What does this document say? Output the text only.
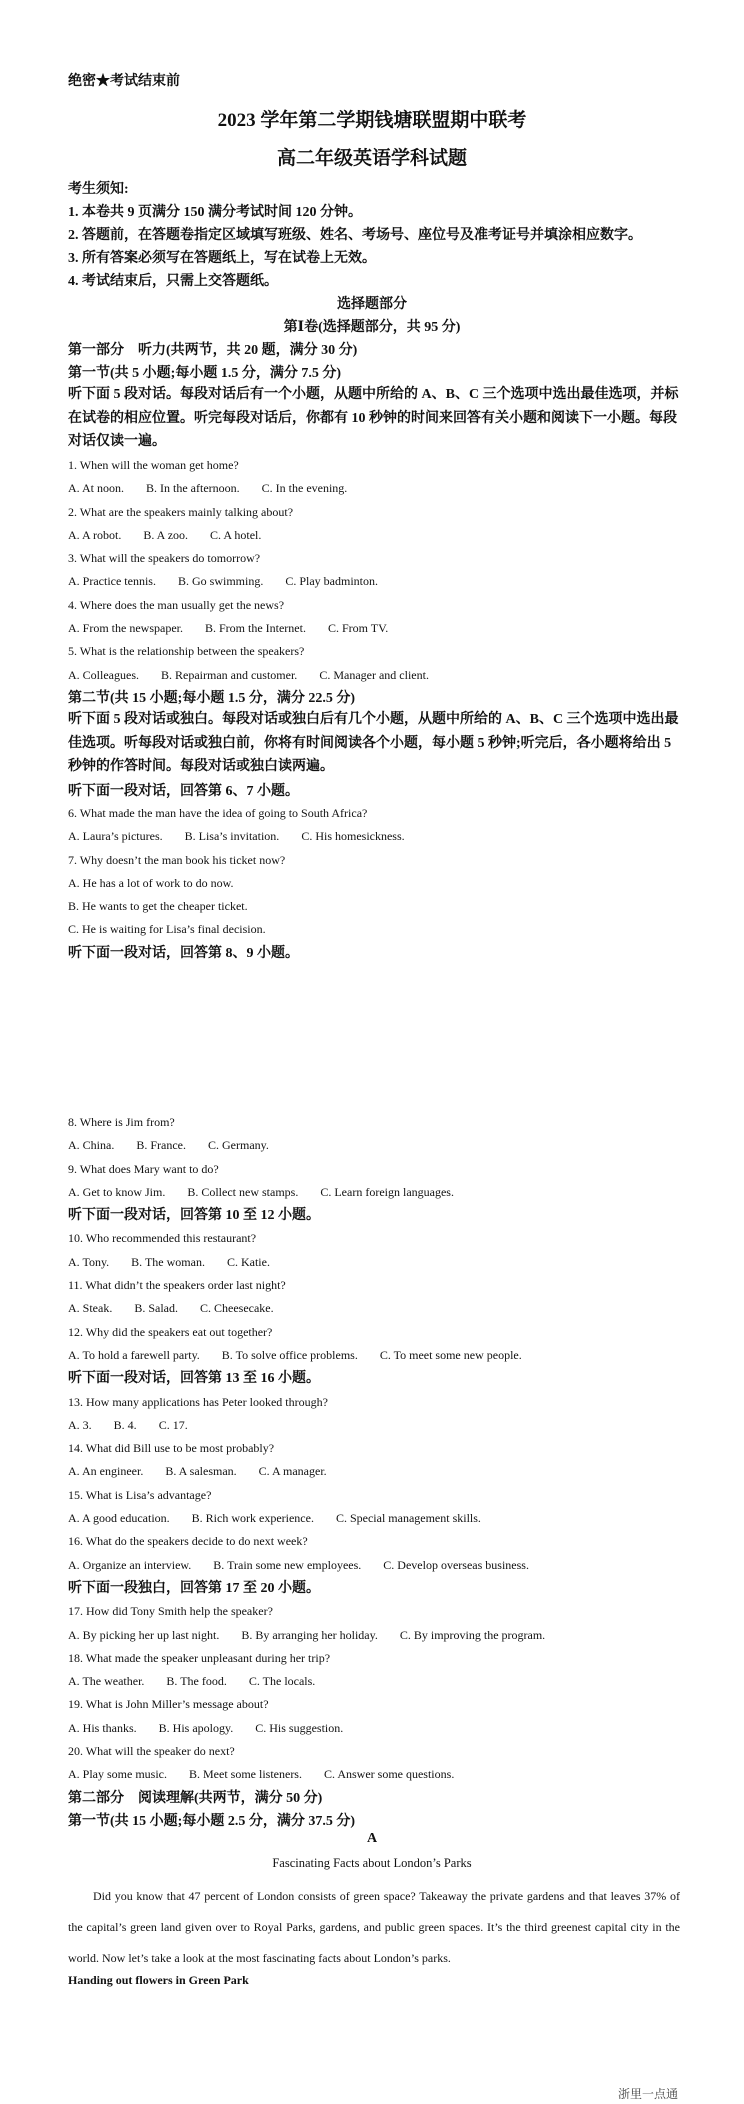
绝密★考试结束前
2023 学年第二学期钱塘联盟期中联考
高二年级英语学科试题
考生须知:
1. 本卷共 9 页满分 150 满分考试时间 120 分钟。
2. 答题前，在答题卷指定区域填写班级、姓名、考场号、座位号及准考证号并填涂相应数字。
3. 所有答案必须写在答题纸上，写在试卷上无效。
4. 考试结束后，只需上交答题纸。
选择题部分
第Ⅰ卷(选择题部分，共 95 分)
第一部分　听力(共两节，共 20 题，满分 30 分)
第一节(共 5 小题;每小题 1.5 分，满分 7.5 分)
听下面 5 段对话。每段对话后有一个小题，从题中所给的 A、B、C 三个选项中选出最佳选项，并标在试卷的相应位置。听完每段对话后，你都有 10 秒钟的时间来回答有关小题和阅读下一小题。每段对话仅读一遍。
1. When will the woman get home?
A. At noon. B. In the afternoon. C. In the evening.
2. What are the speakers mainly talking about?
A. A robot. B. A zoo. C. A hotel.
3. What will the speakers do tomorrow?
A. Practice tennis. B. Go swimming. C. Play badminton.
4. Where does the man usually get the news?
A. From the newspaper. B. From the Internet. C. From TV.
5. What is the relationship between the speakers?
A. Colleagues. B. Repairman and customer. C. Manager and client.
第二节(共 15 小题;每小题 1.5 分，满分 22.5 分)
听下面 5 段对话或独白。每段对话或独白后有几个小题，从题中所给的 A、B、C 三个选项中选出最佳选项。听每段对话或独白前，你将有时间阅读各个小题，每小题 5 秒钟;听完后，各小题将给出 5 秒钟的作答时间。每段对话或独白读两遍。
听下面一段对话，回答第 6、7 小题。
6. What made the man have the idea of going to South Africa?
A. Laura’s pictures. B. Lisa’s invitation. C. His homesickness.
7. Why doesn’t the man book his ticket now?
A. He has a lot of work to do now.
B. He wants to get the cheaper ticket.
C. He is waiting for Lisa’s final decision.
听下面一段对话，回答第 8、9 小题。
8. Where is Jim from?
A. China. B. France. C. Germany.
9. What does Mary want to do?
A. Get to know Jim. B. Collect new stamps. C. Learn foreign languages.
听下面一段对话，回答第 10 至 12 小题。
10. Who recommended this restaurant?
A. Tony. B. The woman. C. Katie.
11. What didn’t the speakers order last night?
A. Steak. B. Salad. C. Cheesecake.
12. Why did the speakers eat out together?
A. To hold a farewell party. B. To solve office problems. C. To meet some new people.
听下面一段对话，回答第 13 至 16 小题。
13. How many applications has Peter looked through?
A. 3. B. 4. C. 17.
14. What did Bill use to be most probably?
A. An engineer. B. A salesman. C. A manager.
15. What is Lisa’s advantage?
A. A good education. B. Rich work experience. C. Special management skills.
16. What do the speakers decide to do next week?
A. Organize an interview. B. Train some new employees. C. Develop overseas business.
听下面一段独白，回答第 17 至 20 小题。
17. How did Tony Smith help the speaker?
A. By picking her up last night. B. By arranging her holiday. C. By improving the program.
18. What made the speaker unpleasant during her trip?
A. The weather. B. The food. C. The locals.
19. What is John Miller’s message about?
A. His thanks. B. His apology. C. His suggestion.
20. What will the speaker do next?
A. Play some music. B. Meet some listeners. C. Answer some questions.
第二部分　阅读理解(共两节，满分 50 分)
第一节(共 15 小题;每小题 2.5 分，满分 37.5 分)
A
Fascinating Facts about London’s Parks
Did you know that 47 percent of London consists of green space? Takeaway the private gardens and that leaves 37% of the capital’s green land given over to Royal Parks, gardens, and public green spaces. It’s the third greenest capital city in the world. Now let’s take a look at the most fascinating facts about London’s parks.
Handing out flowers in Green Park
浙里一点通
